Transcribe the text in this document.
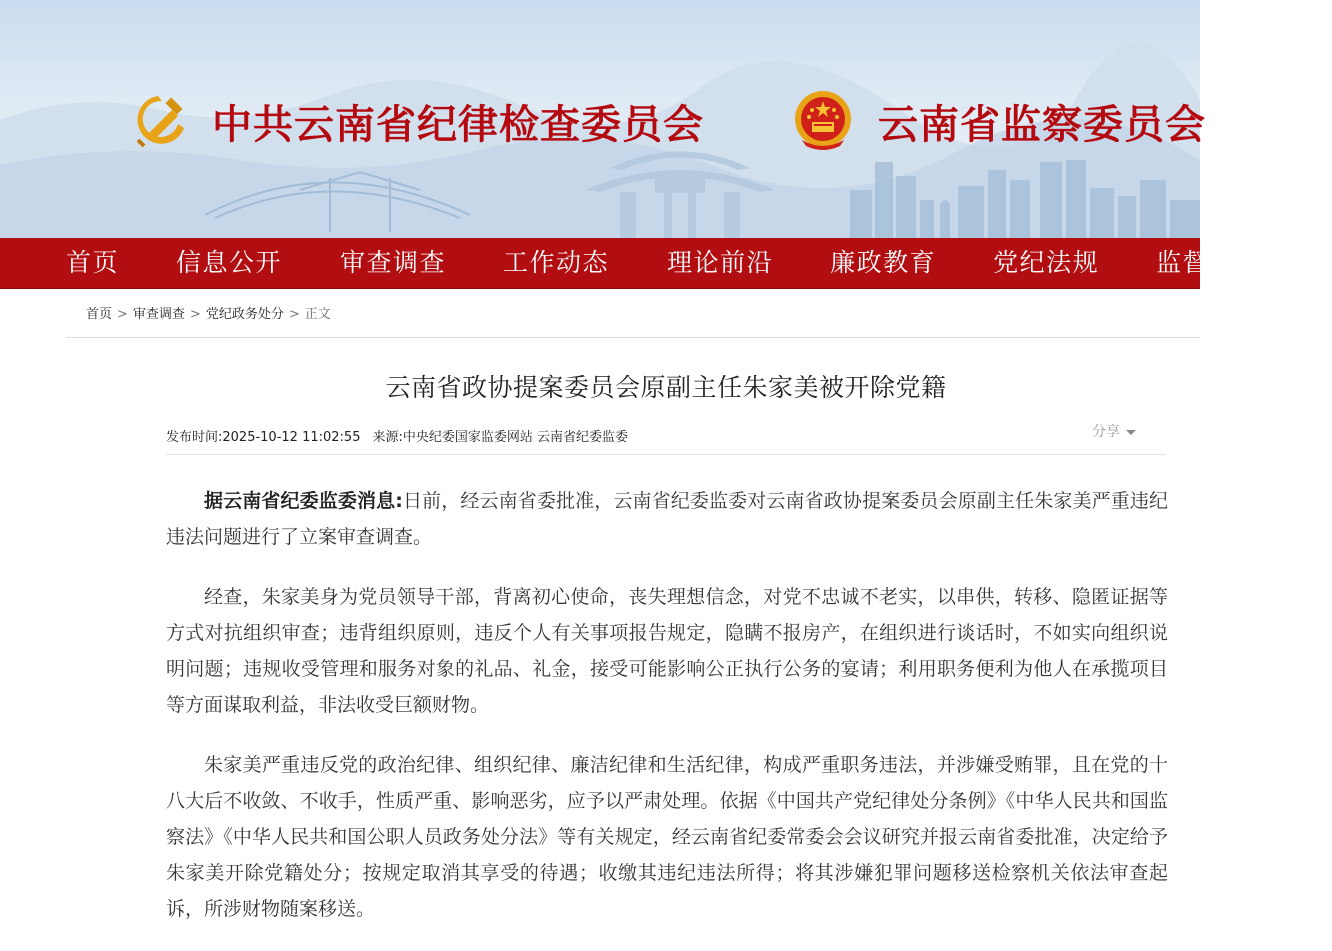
中共云南省纪律检查委员会	云南省监察委员会
首页 信息公开 审查调查 工作动态 理论前沿 廉政教育 党纪法规 监督
首页 > 审查调查 > 党纪政务处分 > 正文
云南省政协提案委员会原副主任朱家美被开除党籍
发布时间:2025-10-12 11:02:55 来源:中央纪委国家监委网站 云南省纪委监委	分享

据云南省纪委监委消息:日前，经云南省委批准，云南省纪委监委对云南省政协提案委员会原副主任朱家美严重违纪违法问题进行了立案审查调查。

经查，朱家美身为党员领导干部，背离初心使命，丧失理想信念，对党不忠诚不老实，以串供，转移、隐匿证据等方式对抗组织审查；违背组织原则，违反个人有关事项报告规定，隐瞒不报房产，在组织进行谈话时，不如实向组织说明问题；违规收受管理和服务对象的礼品、礼金，接受可能影响公正执行公务的宴请；利用职务便利为他人在承揽项目等方面谋取利益，非法收受巨额财物。

朱家美严重违反党的政治纪律、组织纪律、廉洁纪律和生活纪律，构成严重职务违法，并涉嫌受贿罪，且在党的十八大后不收敛、不收手，性质严重、影响恶劣，应予以严肃处理。依据《中国共产党纪律处分条例》《中华人民共和国监察法》《中华人民共和国公职人员政务处分法》等有关规定，经云南省纪委常委会会议研究并报云南省委批准，决定给予朱家美开除党籍处分；按规定取消其享受的待遇；收缴其违纪违法所得；将其涉嫌犯罪问题移送检察机关依法审查起诉，所涉财物随案移送。
